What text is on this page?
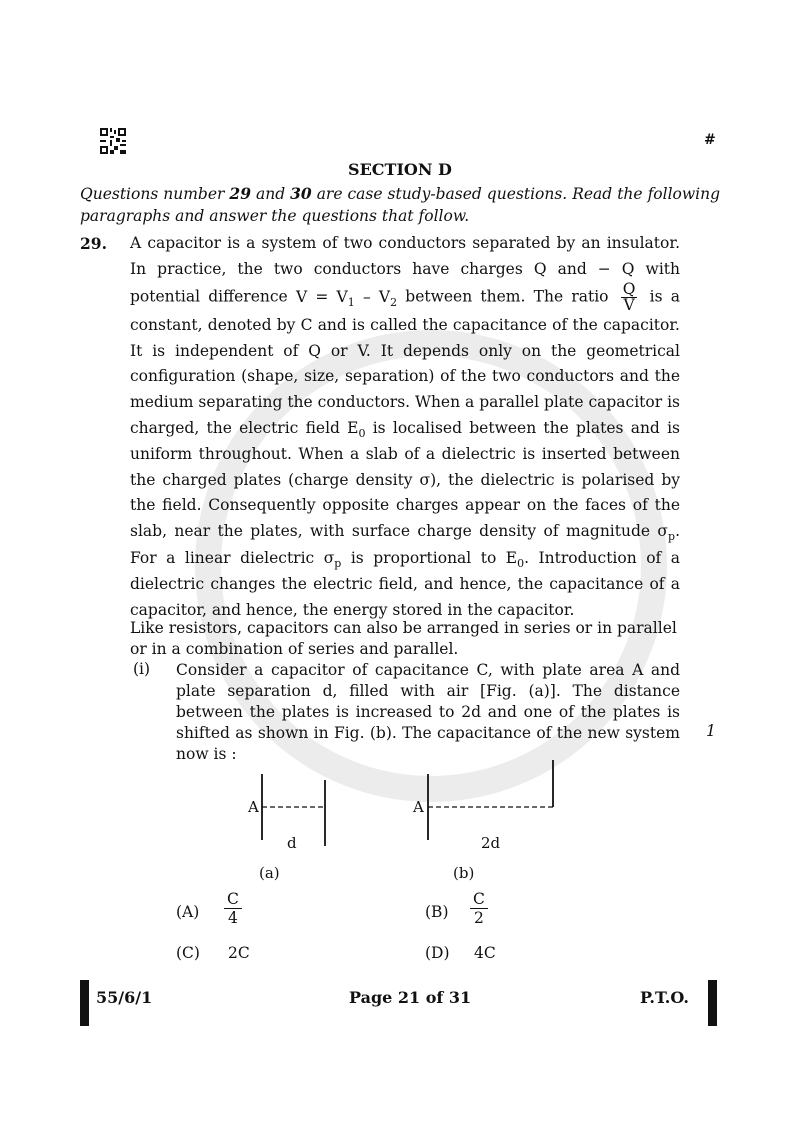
#
SECTION D
Questions number 29 and 30 are case study-based questions. Read the following paragraphs and answer the questions that follow.
29. A capacitor is a system of two conductors separated by an insulator. In practice, the two conductors have charges Q and − Q with potential difference $V = V_1 - V_2$ between them. The ratio $\frac{Q}{V}$ is a constant, denoted by C and is called the capacitance of the capacitor. It is independent of Q or V. It depends only on the geometrical configuration (shape, size, separation) of the two conductors and the medium separating the conductors. When a parallel plate capacitor is charged, the electric field $E_0$ is localised between the plates and is uniform throughout. When a slab of a dielectric is inserted between the charged plates (charge density σ), the dielectric is polarised by the field. Consequently opposite charges appear on the faces of the slab, near the plates, with surface charge density of magnitude $\sigma_p$. For a linear dielectric $\sigma_p$ is proportional to $E_0$. Introduction of a dielectric changes the electric field, and hence, the capacitance of a capacitor, and hence, the energy stored in the capacitor.

Like resistors, capacitors can also be arranged in series or in parallel or in a combination of series and parallel.
(i) Consider a capacitor of capacitance C, with plate area A and plate separation d, filled with air [Fig. (a)]. The distance between the plates is increased to 2d and one of the plates is shifted as shown in Fig. (b). The capacitance of the new system now is :
1
A
d
(a)
A
2d
(b)
$(A) \frac{C}{4}$	$(B) \frac{C}{2}$
(C) 2C	(D) 4C
55/6/1	Page 21 of 31	P.T.O.
